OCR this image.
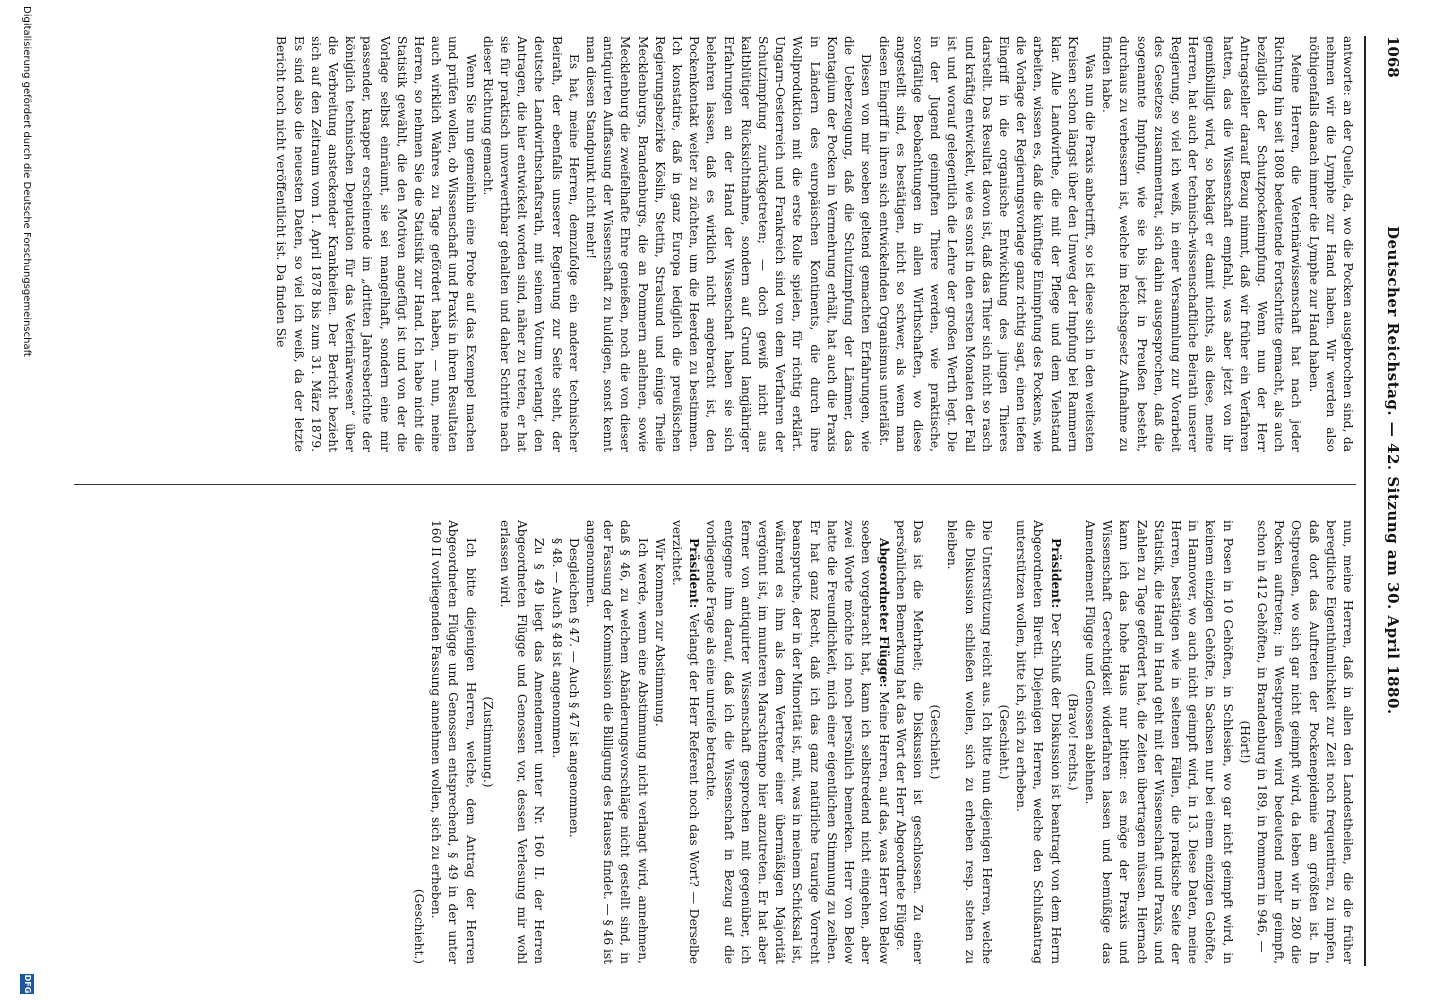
1068
Deutscher Reichstag. — 42. Sitzung am 30. April 1880.

antworte: an der Quelle, da, wo die Pocken ausgebrochen sind, da nehmen wir die Lymphe zur Hand haben. Wir werden also nöthigenfalls danach immer die Lymphe zur Hand haben.

Meine Herren, die Veterinärwissenschaft hat nach jeder Richtung hin seit 1808 bedeutende Fortschritte gemacht, als auch bezüglich der Schutzpockenimpfung. Wenn nun der Herr Antragsteller darauf Bezug nimmt, daß wir früher ein Verfahren hatten, das die Wissenschaft empfahl, was aber jetzt von ihr gemißbilligt wird, so beklagt er damit nichts, als diese, meine Herren, hat auch der technisch-wissenschaftliche Beirath unserer Regierung, so viel ich weiß, in einer Versammlung zur Vorarbeit des Gesetzes zusammentrat, sich dahin ausgesprochen, daß die sogenannte Impfung, wie sie bis jetzt in Preußen besteht, durchaus zu verbessern ist, welche im Reichsgesetz Aufnahme zu finden habe.

Was nun die Praxis anbetrifft, so ist diese sich in den weitesten Kreisen schon längst über den Umweg der Impfung bei Rammern klar. Alle Landwirthe, die mit der Pflege und dem Viehstand arbeiten, wissen es, daß die künftige Einimpfung des Pockens, wie die Vorlage der Regierungsvorlage ganz richtig sagt, einen tiefen Eingriff in die organische Entwicklung des jungen Thieres darstellt. Das Resultat davon ist, daß das Thier sich nicht so rasch und kräftig entwickelt, wie es sonst in den ersten Monaten der Fall ist und worauf gelegentlich die Lehre der großen Werth legt. Die in der Jugend geimpften Thiere werden, wie praktische, sorgfältige Beobachtungen in allen Wirthschaften, wo diese angestellt sind, es bestätigen, nicht so schwer, als wenn man diesen Eingriff in ihren sich entwickelnden Organismus unterläßt.

Diesen von mir soeben geltend gemachten Erfahrungen, wie die Ueberzeugung, daß die Schutzimpfung der Lämmer, das Kontagium der Pocken in Vermehrung erhält, hat auch die Praxis in Ländern des europäischen Kontinents, die durch ihre Wollproduktion mit die erste Rolle spielen, für richtig erklärt. Ungarn-Oesterreich und Frankreich sind von dem Verfahren der Schutzimpfung zurückgetreten; — doch gewiß nicht aus kaltblütiger Rücksichtnahme, sondern auf Grund langjähriger Erfahrungen an der Hand der Wissenschaft haben sie sich belehren lassen, daß es wirklich nicht angebracht ist, den Pockenkontakt weiter zu züchten, um die Heerden zu bestimmen. Ich konstatire, daß in ganz Europa lediglich die preußischen Regierungsbezirke Köslin, Stettin, Stralsund und einige Theile Mecklenburgs, Brandenburgs, die an Pommern anlehnen, sowie Mecklenburg die zweifelhafte Ehre genießen, noch die von dieser antiquirten Auffassung der Wissenschaft zu huldigen, sonst kennt man diesen Standpunkt nicht mehr!

Es hat, meine Herren, demzufolge ein anderer technischer Beirath, der ebenfalls unserer Regierung zur Seite steht, der deutsche Landwirthschaftsrath, mit seinem Votum verlangt, den Antragen, die hier entwickelt worden sind, näher zu treten, er hat sie für praktisch unverwerthbar gehalten und daher Schritte nach dieser Richtung gemacht.

Wenn Sie nun gemeinhin eine Probe auf das Exempel machen und prüfen wollen, ob Wissenschaft und Praxis in ihren Resultaten auch wirklich Wahres zu Tage gefördert haben, — nun, meine Herren, so nehmen Sie die Statistik zur Hand. Ich habe nicht die Statistik gewählt, die den Motiven angefügt ist und von der die Vorlage selbst einräumt, sie sei mangelhaft, sondern eine mir passender, knapper erscheinende im „dritten Jahresberichte der königlich technischen Deputation für das Veterinärwesen“ über die Verbreitung ansteckender Krankheiten. Der Bericht bezieht sich auf den Zeitraum vom 1. April 1878 bis zum 31. März 1879. Es sind also die neuesten Daten, so viel ich weiß, da der letzte Bericht noch nicht veröffentlicht ist. Da finden Sie

nun, meine Herren, daß in allen den Landestheilen, die die früher beregtliche Eigenthümlichkeit zur Zeit noch frequentiren, zu impfen, daß dort das Auftreten der Pockenepidemie am größten ist. In Ostpreußen, wo sich gar nicht geimpft wird, da leben wir in 280 die Pocken auftreten; in Westpreußen wird bedeutend mehr geimpft, schon in 412 Gehöften, in Brandenburg in 189, in Pommern in 946, —

(Hört!)

in Posen in 10 Gehöften, in Schlesien, wo gar nicht geimpft wird, in keinem einzigen Gehöfte, in Sachsen nur bei einem einzigen Gehöfte, in Hannover, wo auch nicht geimpft wird, in 13. Diese Daten, meine Herren, bestätigen wie in seltenen Fällen, die praktische Seite der Statistik, die Hand in Hand geht mit der Wissenschaft und Praxis, und Zahlen zu Tage gefördert hat, die Zeiten übertragen müssen. Hiernach kann ich das hohe Haus nur bitten: es möge der Praxis und Wissenschaft Gerechtigkeit widerfahren lassen und bemüßige das Amendement Flügge und Genossen ablehnen.

(Bravo! rechts.)

Präsident: Der Schluß der Diskussion ist beantragt von dem Herrn Abgeordneten Biretti. Diejenigen Herren, welche den Schlußantrag unterstützen wollen, bitte ich, sich zu erheben.

(Geschieht.)

Die Unterstützung reicht aus. Ich bitte nun diejenigen Herren, welche die Diskussion schließen wollen, sich zu erheben resp. stehen zu bleiben.

(Geschieht.)

Das ist die Mehrheit; die Diskussion ist geschlossen. Zu einer persönlichen Bemerkung hat das Wort der Herr Abgeordnete Flügge.

Abgeordneter Flügge: Meine Herren, auf das, was Herr von Below soeben vorgebracht hat, kann ich selbstredend nicht eingehen, aber zwei Worte möchte ich noch persönlich bemerken. Herr von Below hatte die Freundlichkeit, mich einer eigentlichen Stimmung zu zeihen. Er hat ganz Recht, daß ich das ganz natürliche traurige Vorrecht beanspruche, der in der Minorität ist, mit, was in meinem Schicksal ist, während es ihm als dem Vertreter einer übermäßigen Majorität vergönnt ist, im munteren Marschtempo hier anzutreten. Er hat aber ferner von antiquirter Wissenschaft gesprochen mit gegenüber, ich entgegne ihm darauf, daß ich die Wissenschaft in Bezug auf die vorliegende Frage als eine unreife betrachte.

Präsident: Verlangt der Herr Referent noch das Wort? — Derselbe verzichtet.

Wir kommen zur Abstimmung.

Ich werde, wenn eine Abstimmung nicht verlangt wird, annehmen, daß § 46, zu welchem Abänderungsvorschläge nicht gestellt sind, in der Fassung der Kommission die Billigung des Hauses findet. — § 46 ist angenommen.

Desgleichen § 47. — Auch § 47 ist angenommen.

§ 48. — Auch § 48 ist angenommen.

Zu § 49 liegt das Amendement unter Nr. 160 II. der Herren Abgeordneten Flügge und Genossen vor, dessen Verlesung mir wohl erlassen wird.

(Zustimmung.)

Ich bitte diejenigen Herren, welche, dem Antrag der Herren Abgeordneten Flügge und Genossen entsprechend, § 49 in der unter 160 II vorliegenden Fassung annehmen wollen, sich zu erheben.

(Geschieht.)

Digitalisierung gefördert durch die Deutsche Forschungsgemeinschaft
DFG
